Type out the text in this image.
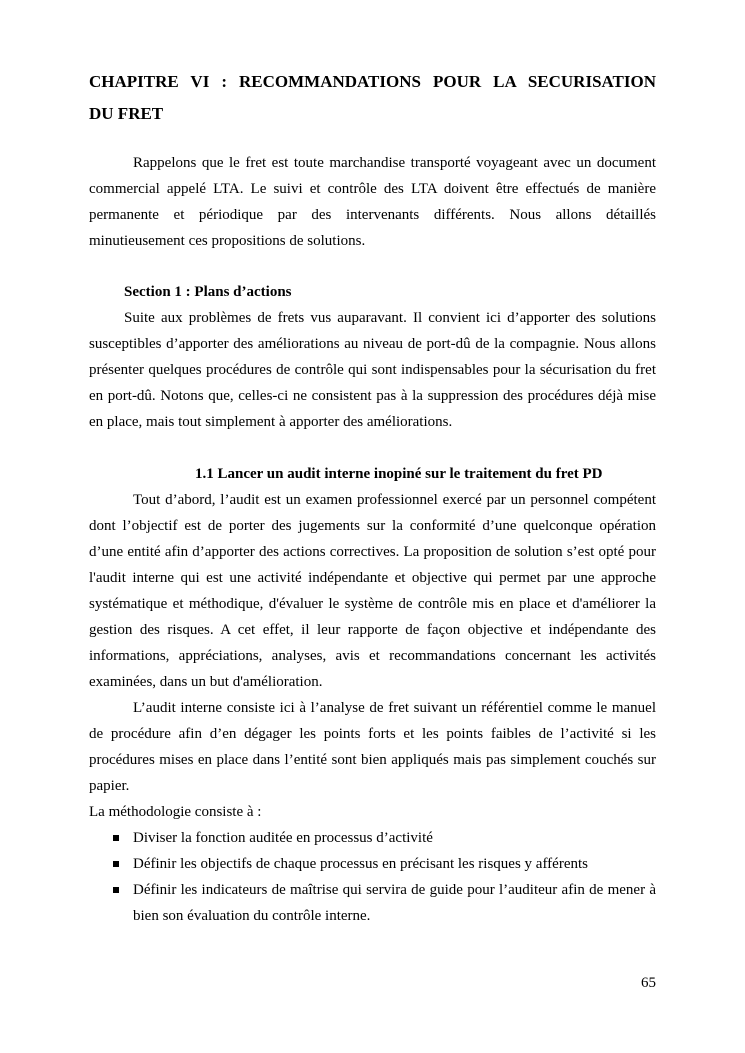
CHAPITRE VI : RECOMMANDATIONS POUR LA SECURISATION
DU FRET

Rappelons que le fret est toute marchandise transporté voyageant avec un document commercial appelé LTA. Le suivi et contrôle des LTA doivent être effectués de manière permanente et périodique par des intervenants différents. Nous allons détaillés minutieusement ces propositions de solutions.

Section 1 : Plans d’actions

Suite aux problèmes de frets vus auparavant. Il convient ici d’apporter des solutions susceptibles d’apporter des améliorations au niveau de port-dû de la compagnie. Nous allons présenter quelques procédures de contrôle qui sont indispensables pour la sécurisation du fret en port-dû. Notons que, celles-ci ne consistent pas à la suppression des procédures déjà mise en place, mais tout simplement à apporter des améliorations.

1.1 Lancer un audit interne inopiné sur le traitement du fret PD

Tout d’abord, l’audit est un examen professionnel exercé par un personnel compétent dont l’objectif est de porter des jugements sur la conformité d’une quelconque opération d’une entité afin d’apporter des actions correctives. La proposition de solution s’est opté pour l'audit interne qui est une activité indépendante et objective qui permet par une approche systématique et méthodique, d'évaluer le système de contrôle mis en place et d'améliorer la gestion des risques. A cet effet, il leur rapporte de façon objective et indépendante des informations, appréciations, analyses, avis et recommandations concernant les activités examinées, dans un but d'amélioration.

L’audit interne consiste ici à l’analyse de fret suivant un référentiel comme le manuel de procédure afin d’en dégager les points forts et les points faibles de l’activité si les procédures mises en place dans l’entité sont bien appliqués mais pas simplement couchés sur papier.

La méthodologie consiste à :

Diviser la fonction auditée en processus d’activité
Définir les objectifs de chaque processus en précisant les risques y afférents
Définir les indicateurs de maîtrise qui servira de guide pour l’auditeur afin de mener à bien son évaluation du contrôle interne.
65
